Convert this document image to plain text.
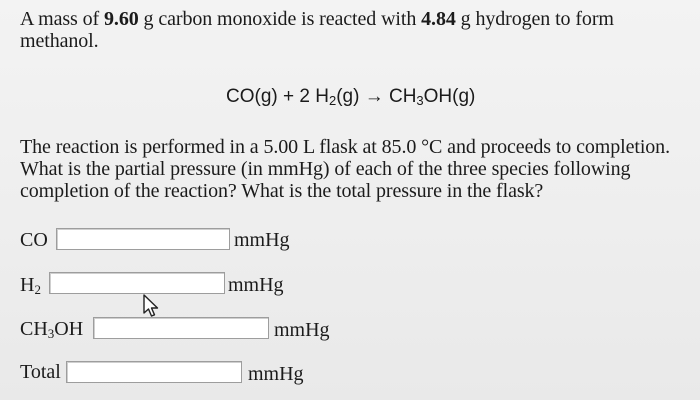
A mass of 9.60 g carbon monoxide is reacted with 4.84 g hydrogen to form methanol.
CO(g) + 2 $H_2(g) \to CH_3OH(g)$
The reaction is performed in a 5.00 L flask at 85.0 °C and proceeds to completion. What is the partial pressure (in mmHg) of each of the three species following completion of the reaction? What is the total pressure in the flask?
CO	mmHg
$H_2$	mmHg
$CH_3OH$	mmHg
Total	mmHg
